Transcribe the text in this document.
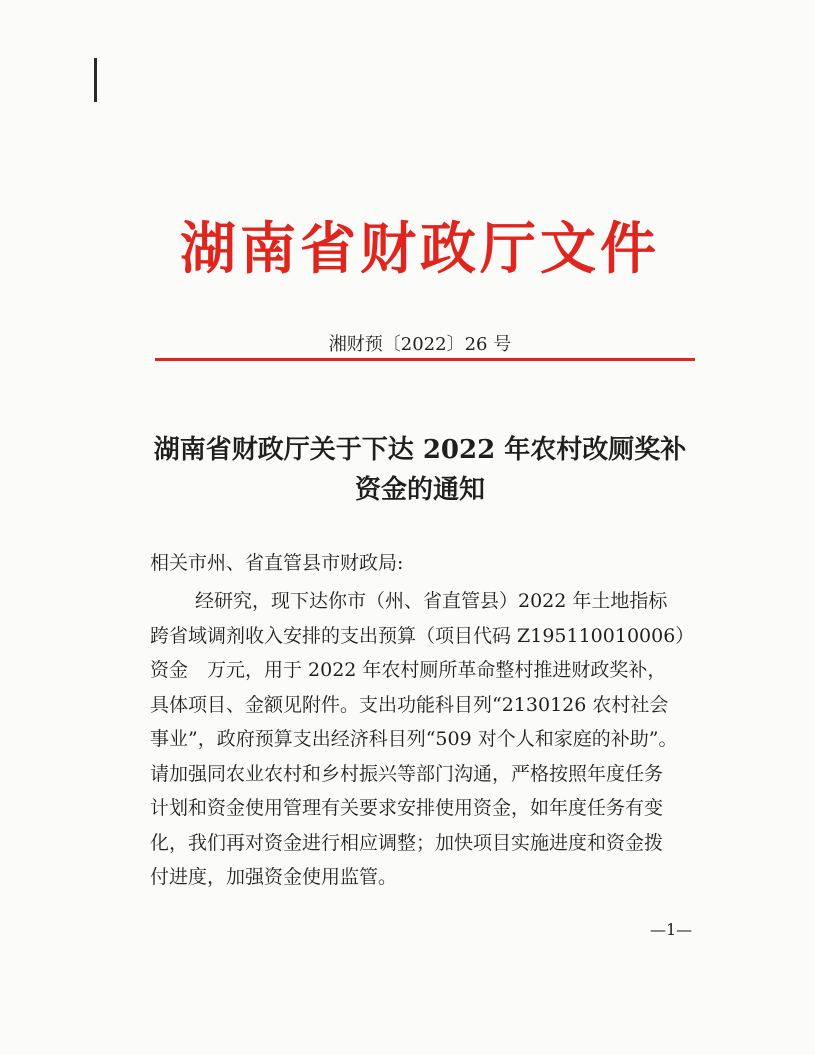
湖南省财政厅文件
湘财预〔2022〕26 号
湖南省财政厅关于下达 2022 年农村改厕奖补
资金的通知
相关市州、省直管县市财政局:
经研究，现下达你市（州、省直管县）2022 年土地指标
跨省域调剂收入安排的支出预算（项目代码 Z195110010006）
资金　万元，用于 2022 年农村厕所革命整村推进财政奖补，
具体项目、金额见附件。支出功能科目列“2130126 农村社会
事业”，政府预算支出经济科目列“509 对个人和家庭的补助”。
请加强同农业农村和乡村振兴等部门沟通，严格按照年度任务
计划和资金使用管理有关要求安排使用资金，如年度任务有变
化，我们再对资金进行相应调整；加快项目实施进度和资金拨
付进度，加强资金使用监管。
—1—
